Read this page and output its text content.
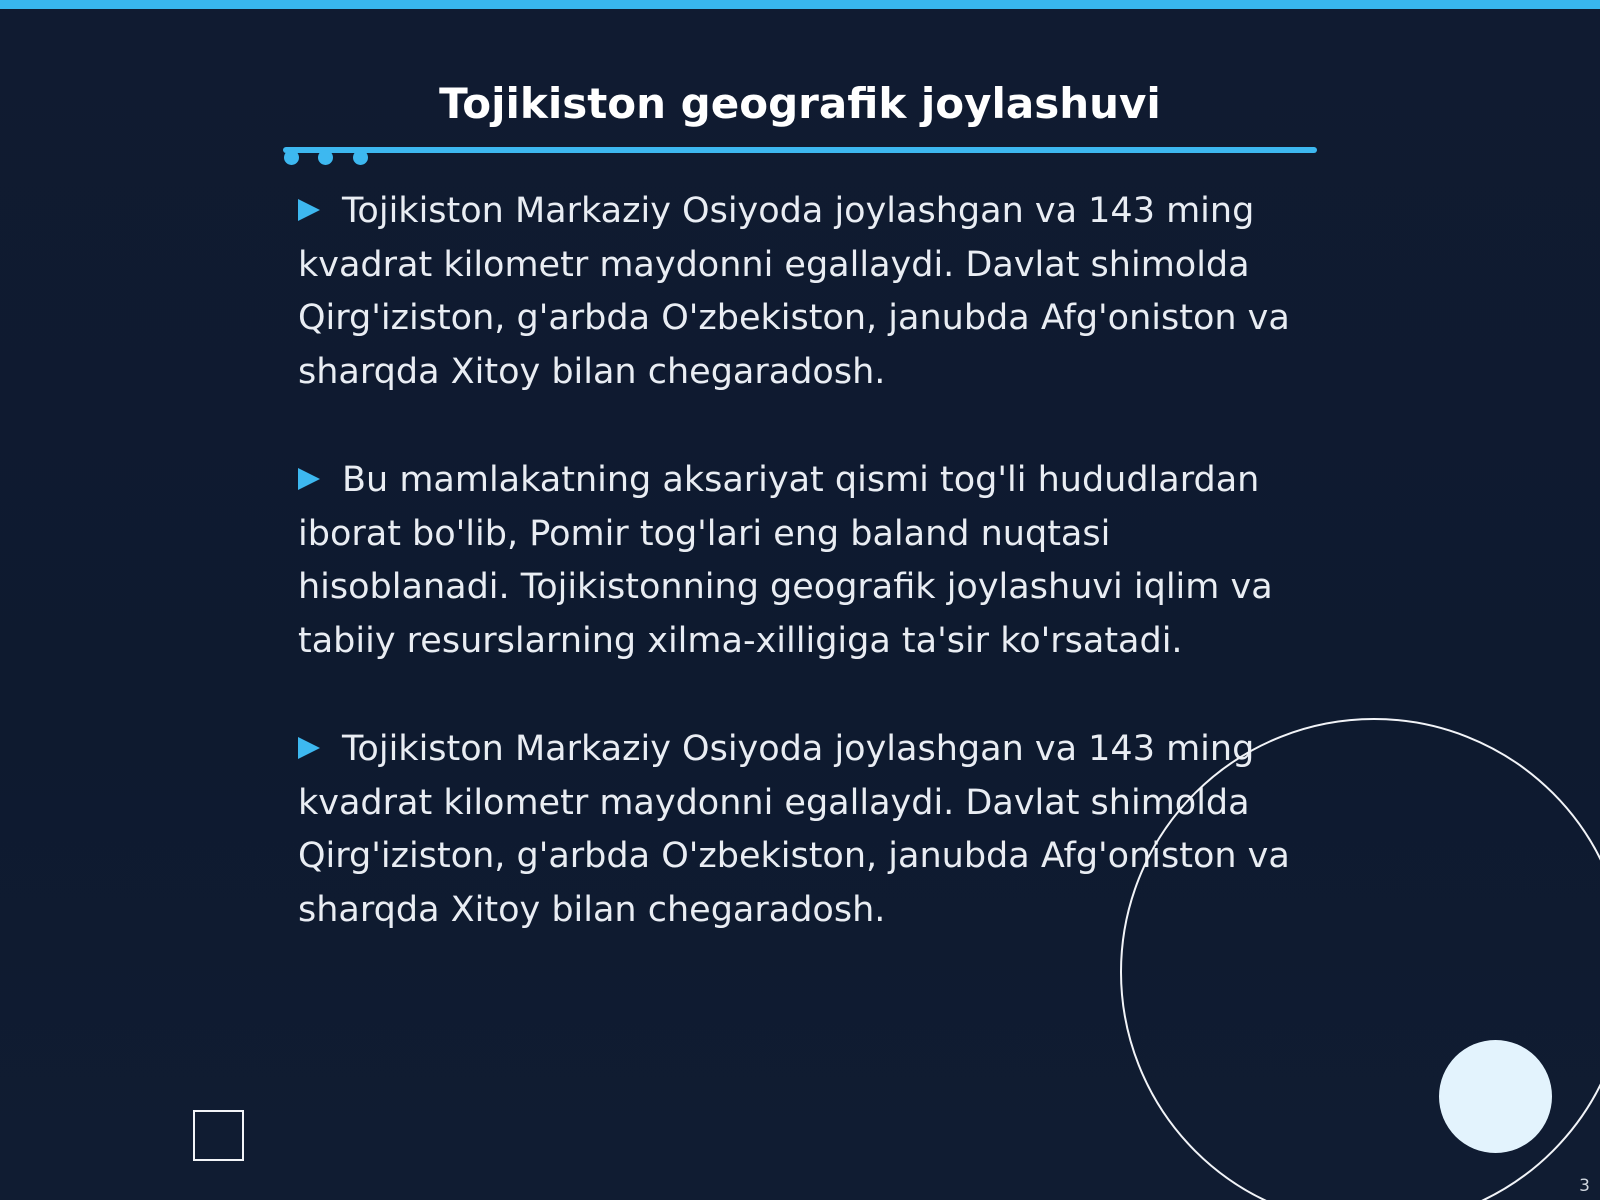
Tojikiston geografik joylashuvi
Tojikiston Markaziy Osiyoda joylashgan va 143 ming kvadrat kilometr maydonni egallaydi. Davlat shimolda Qirg'iziston, g'arbda O'zbekiston, janubda Afg'oniston va sharqda Xitoy bilan chegaradosh.
Bu mamlakatning aksariyat qismi tog'li hududlardan iborat bo'lib, Pomir tog'lari eng baland nuqtasi hisoblanadi. Tojikistonning geografik joylashuvi iqlim va tabiiy resurslarning xilma-xilligiga ta'sir ko'rsatadi.
Tojikiston Markaziy Osiyoda joylashgan va 143 ming kvadrat kilometr maydonni egallaydi. Davlat shimolda Qirg'iziston, g'arbda O'zbekiston, janubda Afg'oniston va sharqda Xitoy bilan chegaradosh.
3
